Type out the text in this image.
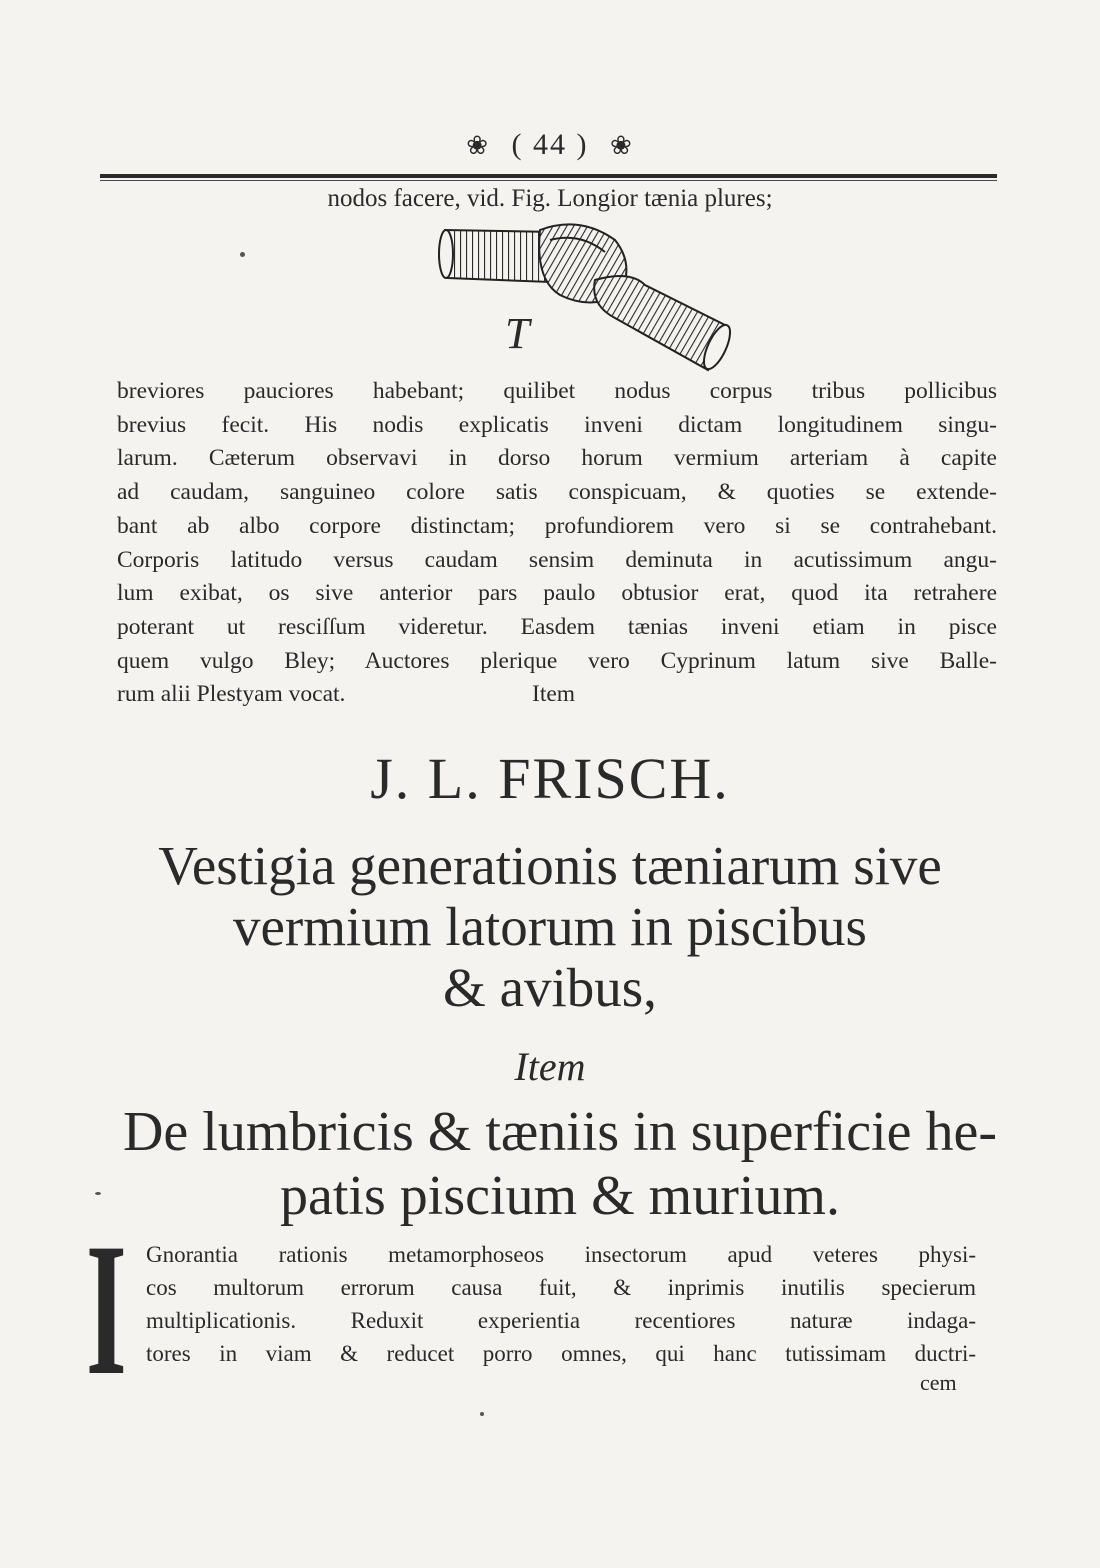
❀ ( 44 ) ❀
nodos facere, vid. Fig. Longior tænia plures;
T
breviores pauciores habebant; quilibet nodus corpus tribus pollicibus
brevius fecit. His nodis explicatis inveni dictam longitudinem singu-
larum. Cæterum observavi in dorso horum vermium arteriam à capite
ad caudam, sanguineo colore satis conspicuam, & quoties se extende-
bant ab albo corpore distinctam; profundiorem vero si se contrahebant.
Corporis latitudo versus caudam sensim deminuta in acutissimum angu-
lum exibat, os sive anterior pars paulo obtusior erat, quod ita retrahere
poterant ut resciſſum videretur. Easdem tænias inveni etiam in pisce
quem vulgo Bley; Auctores plerique vero Cyprinum latum sive Balle-
rum alii Plestyam vocat.	Item
J. L. FRISCH.
Vestigia generationis tæniarum sive
vermium latorum in piscibus
& avibus,
Item
De lumbricis & tæniis in superficie he-
patis piscium & murium.
I Gnorantia rationis metamorphoseos insectorum apud veteres physi-
cos multorum errorum causa fuit, & inprimis inutilis specierum
multiplicationis. Reduxit experientia recentiores naturæ indaga-
tores in viam & reducet porro omnes, qui hanc tutissimam ductri-
cem
